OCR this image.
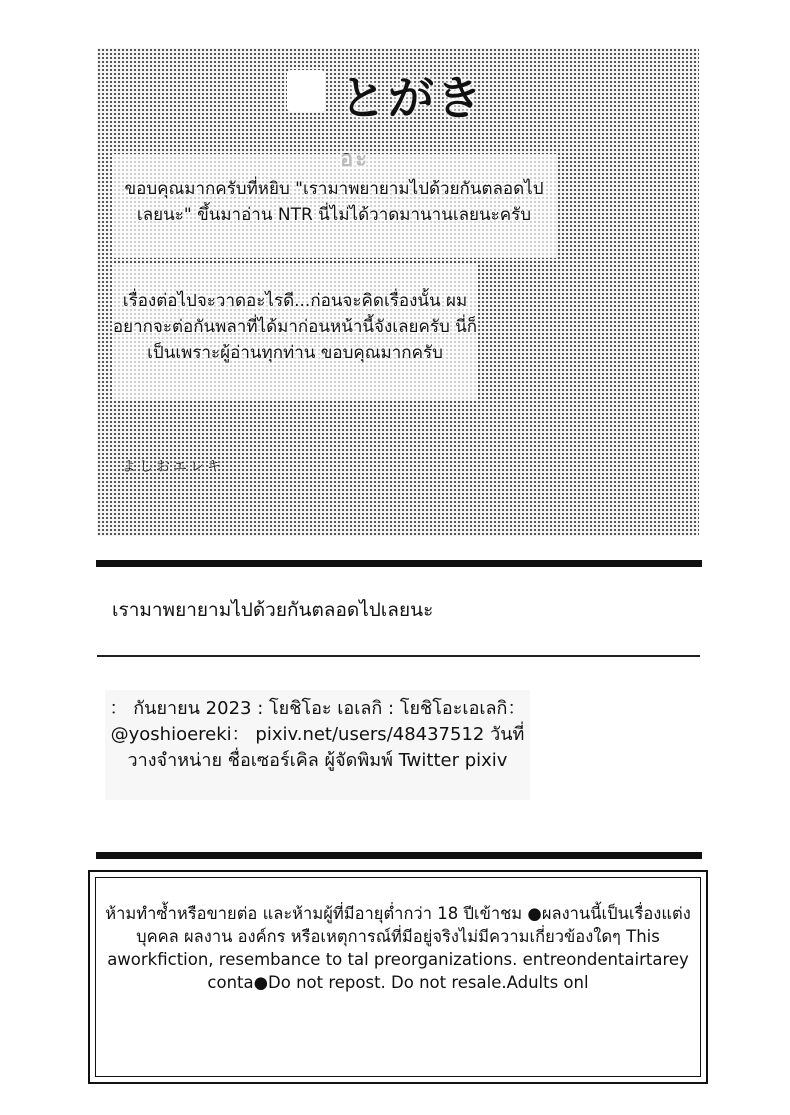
とがき
ขอบคุณมากครับที่หยิบ "เรามาพยายามไปด้วยกันตลอดไปเลยนะ" ขึ้นมาอ่าน NTR นี่ไม่ได้วาดมานานเลยนะครับ
เรื่องต่อไปจะวาดอะไรดี...ก่อนจะคิดเรื่องนั้น ผมอยากจะต่อกันพลาที่ได้มาก่อนหน้านี้จังเลยครับ นี่ก็เป็นเพราะผู้อ่านทุกท่าน ขอบคุณมากครับ
よしおエレキ
เรามาพยายามไปด้วยกันตลอดไปเลยนะ
： กันยายน 2023 : โยชิโอะ เอเลกิ : โยชิโอะเอเลกิ： @yoshioereki： pixiv.net/users/48437512 วันที่วางจำหน่าย ชื่อเซอร์เคิล ผู้จัดพิมพ์ Twitter pixiv
ห้ามทำซ้ำหรือขายต่อ และห้ามผู้ที่มีอายุต่ำกว่า 18 ปีเข้าชม ●ผลงานนี้เป็นเรื่องแต่ง บุคคล ผลงาน องค์กร หรือเหตุการณ์ที่มีอยู่จริงไม่มีความเกี่ยวข้องใดๆ This aworkfiction, resembance to tal preorganizations. entreondentairtarey conta●Do not repost. Do not resale.Adults onl
